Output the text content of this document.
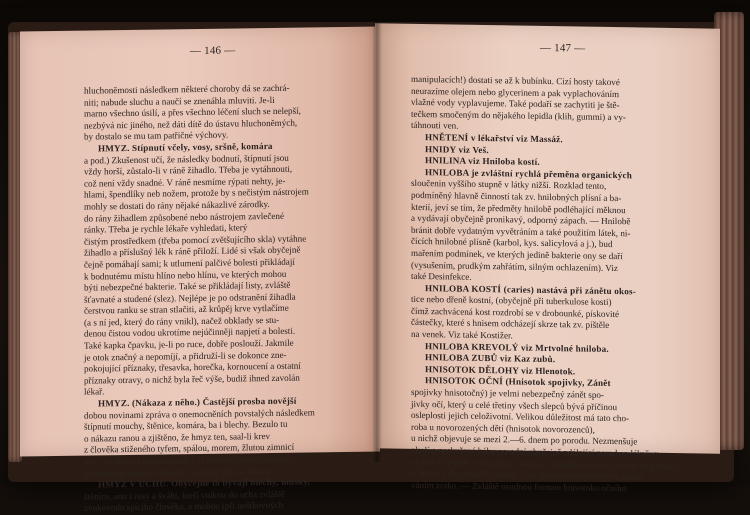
— 146 —
hluchoněmosti následkem některé choroby dá se zachrá-
niti; nabude sluchu a naučí se znenáhla mluviti. Je-li
marno všechno úsilí, a přes všechno léčení sluch se nelepší,
nezbývá nic jiného, než dáti dítě do ústavu hluchoněmých,
by dostalo se mu tam patřičné výchovy.
HMYZ. Stípnutí včely, vosy, sršně, komára
a pod.) Zkušenost učí, že následky bodnutí, štípnutí jsou
vždy horší, zůstalo-li v ráně žihadlo. Třeba je vytáhnouti,
což není vždy snadné. V ráně nesmíme rýpati nehty, je-
hlami, špendlíky neb nožem, protože by s nečistým nástrojem
mohly se dostati do rány nějaké nákazlivé zárodky.
do rány žihadlem způsobené nebo nástrojem zavlečené
ránky. Třeba je rychle lékaře vyhledati, který
čistým prostředkem (třeba pomocí zvětšujícího skla) vytáhne
žihadlo a příslušný lék k ráně přiloží. Lidé si však obyčejně
čejně pomáhají sami; k utlumení palčivé bolesti přikládají
k bodnutému místu hlíno nebo hlínu, ve kterých mohou
býti nebezpečné bakterie. Také se přikládají listy, zvláště
šťavnaté a studené (slez). Nejlépe je po odstranění žihadla
čerstvou ranku se stran stlačiti, až krůpěj krve vytlačíme
(a s ní jed, který do rány vnikl), načež obklady se stu-
denou čistou vodou ukrotíme nejúčinněji napjetí a bolesti.
Také kapka čpavku, je-li po ruce, dobře poslouží. Jakmile
je otok značný a nepomíjí, a přidruží-li se dokonce zne-
pokojující příznaky, třesavka, horečka, kornoucení a ostatní
příznaky otravy, o nichž byla řeč výše, budiž ihned zavolán
lékař.
HMYZ. (Nákaza z něho.) Častější prosba novější
dobou novinami zpráva o onemocněních povstalých následkem
štípnutí mouchy, štěnice, komára, ba i blechy. Bezulo tu
o nákazu ranou a zjištěno, že hmyz ten, saal-li krev
z člověka stiženého tyfem, spálou, morem, žlutou zimnicí
atd., nějaký čas chová zárodky té choroby života schopné,
jež vočkujo jinému člověku, na jehož tělo se dostal.
HMYZ V UCHU. Obyčejně to bývají blechy, mušky,
štěnice, ano i rusy a švábi, kteří vnikou do ucha zvláště
zvukovodu spícího člověka, a mohou (při nešikovných
— 147 —
manipulacích!) dostati se až k bubínku. Cizí hosty takové
neurazíme olejem nebo glycerinem a pak vyplachováním
vlažné vody vyplavujeme. Také podaří se zachytiti je ště-
tečkem smočeným do nějakého lepidla (klih, gummi) a vy-
táhnouti ven.
HNĚTENÍ v lékařství viz Massáž.
HNIDY viz Veš.
HNILINA viz Hniloba kostí.
HNILOBA je zvláštní rychlá přeměna organických
sloučenin vyššího stupně v látky nižší. Rozklad tento,
podmíněný hlavně činností tak zv. hnilobných plísní a ba-
kterií, jeví se tím, že předměty hnilobě podléhající měknou
a vydávají obyčejně pronikavý, odporný zápach. — Hnilobě
bránit dobře vydatným vyvětráním a také použitím látek, ni-
čících hnilobné plísně (karbol, kys. salicylová a j.), bud
mařením podmínek, ve kterých jedině bakterie ony se daří
(vysušením, prudkým zahřátím, silným ochlazením). Viz
také Desinfekce.
HNILOBA KOSTÍ (caries) nastává při zánětu okos-
tice nebo dřeně kostní, (obyčejně při tuberkulose kosti)
čímž zachvácená kost rozdrobí se v drobounké, pískovité
částečky, které s hnisem odcházejí skrze tak zv. píštěle
na venek. Viz také Kostižer.
HNILOBA KREVOLÝ viz Mrtvolné hniloba.
HNILOBA ZUBŮ viz Kaz zubů.
HNISOTOK DĚLOHY viz Hlenotok.
HNISOTOK OČNÍ (Hnisotok spojivky, Zánět
spojivky hnisotočný) je velmi nebezpečný zánět spo-
jivky očí, který u celé třetiny všech slepců bývá příčinou
osleplosti jejich celoživotní. Velikou důležitost má tato cho-
roba u novorozených dětí (hnisotok novorozenců),
u nichž objevuje se mezi 2.—6. dnem po porodu. Nezmenšuje
okolí a neskušené báby porodní obyčejně zdálající porady a lékařem,
až jest již pozdě, velmi často nastává vyhladňování oka, ač nic se pomoci
u lékaře v čas, končívá téměř vždy úplným uzdravením a zacho-
váním zraku. — Zvláště osudnou formou hnisotoku očního
